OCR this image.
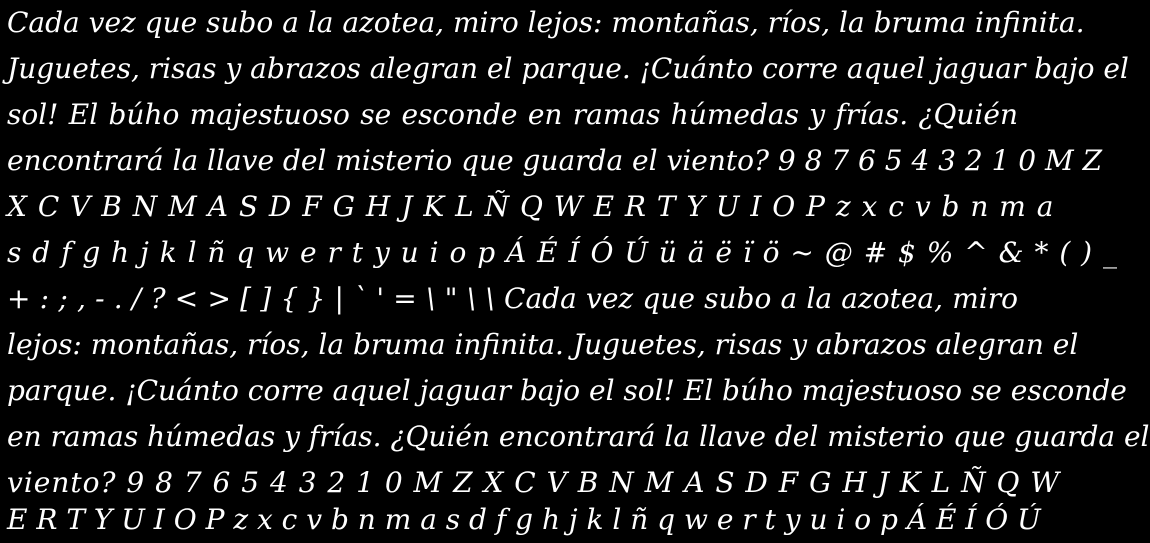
Cada vez que subo a la azotea, miro lejos: montañas, ríos, la bruma infinita.
Juguetes, risas y abrazos alegran el parque. ¡Cuánto corre aquel jaguar bajo el
sol! El búho majestuoso se esconde en ramas húmedas y frías. ¿Quién
encontrará la llave del misterio que guarda el viento? 9 8 7 6 5 4 3 2 1 0 M Z
X C V B N M A S D F G H J K L Ñ Q W E R T Y U I O P z x c v b n m a
s d f g h j k l ñ q w e r t y u i o p Á É Í Ó Ú ü ä ë ï ö ~ @ # $ % ^ & * ( ) _
+ : ; , - . / ? < > [ ] { } | ` ' = \ " \ \ Cada vez que subo a la azotea, miro
lejos: montañas, ríos, la bruma infinita. Juguetes, risas y abrazos alegran el
parque. ¡Cuánto corre aquel jaguar bajo el sol! El búho majestuoso se esconde
en ramas húmedas y frías. ¿Quién encontrará la llave del misterio que guarda el
viento? 9 8 7 6 5 4 3 2 1 0 M Z X C V B N M A S D F G H J K L Ñ Q W
E R T Y U I O P z x c v b n m a s d f g h j k l ñ q w e r t y u i o p Á É Í Ó Ú
